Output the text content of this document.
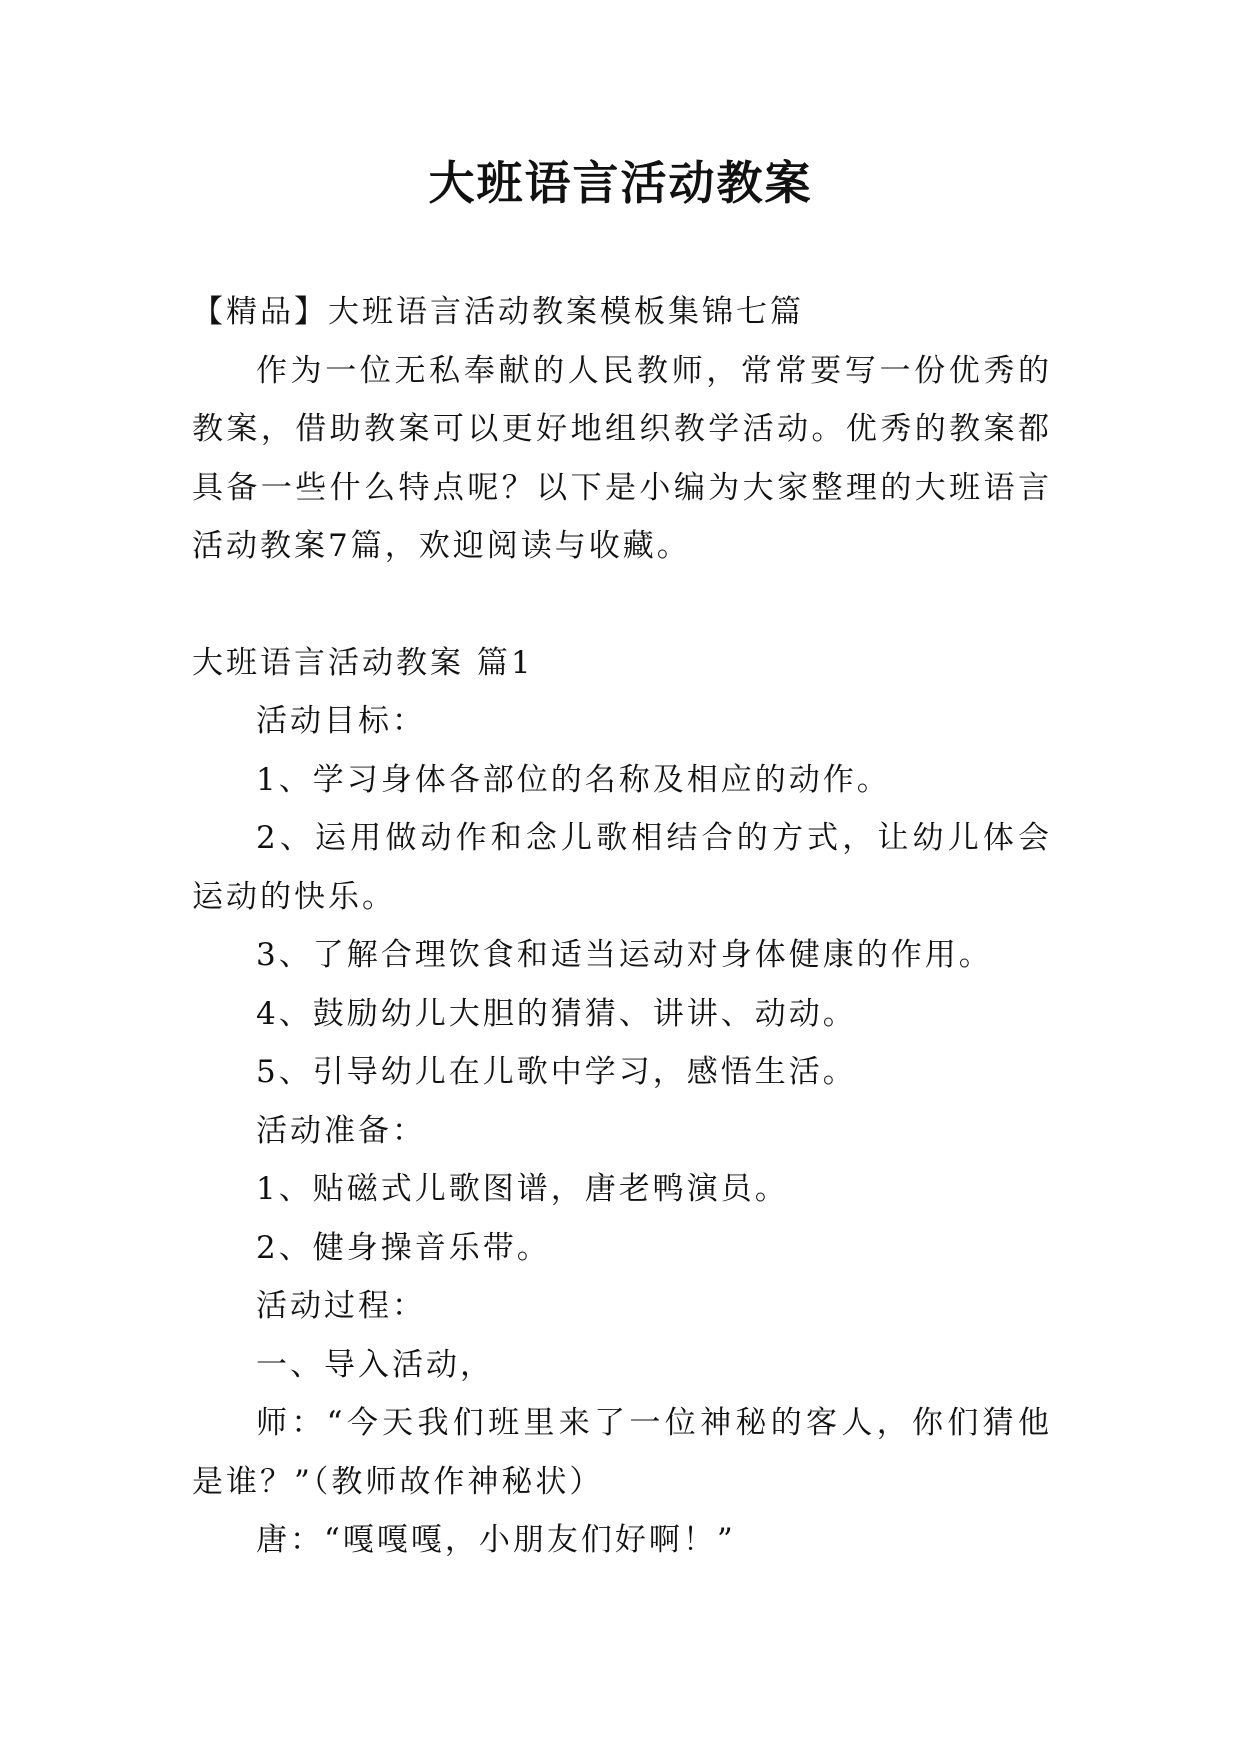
大班语言活动教案

【精品】大班语言活动教案模板集锦七篇

作为一位无私奉献的人民教师，常常要写一份优秀的教案，借助教案可以更好地组织教学活动。优秀的教案都具备一些什么特点呢？以下是小编为大家整理的大班语言活动教案7篇，欢迎阅读与收藏。

大班语言活动教案 篇1

活动目标：

1、学习身体各部位的名称及相应的动作。

2、运用做动作和念儿歌相结合的方式，让幼儿体会运动的快乐。

3、了解合理饮食和适当运动对身体健康的作用。

4、鼓励幼儿大胆的猜猜、讲讲、动动。

5、引导幼儿在儿歌中学习，感悟生活。

活动准备：

1、贴磁式儿歌图谱，唐老鸭演员。

2、健身操音乐带。

活动过程：

一、导入活动，

师：“今天我们班里来了一位神秘的客人，你们猜他是谁？”（教师故作神秘状）

唐：“嘎嘎嘎，小朋友们好啊！”
